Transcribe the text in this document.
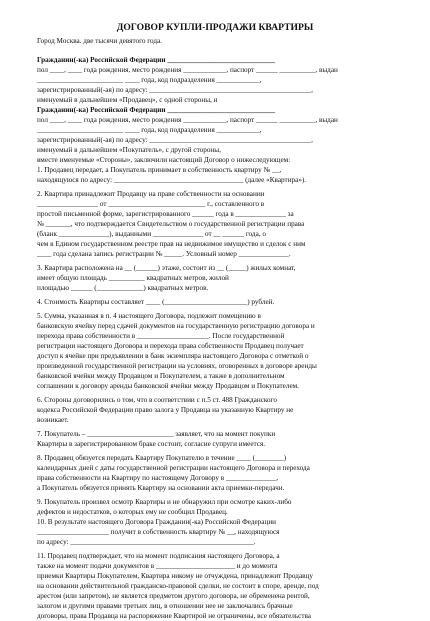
ДОГОВОР КУПЛИ-ПРОДАЖИ КВАРТИРЫ
Город Москва. две тысячи девятого года.
Гражданин(-ка) Российской Федерации ______________________________
пол ____, ____ года рождения, место рождения ____________, паспорт ______ __________, выдан
________________________ ____ года, код подразделения ____________,
зарегистрированный(-ая) по адресу: _____________________________________________,
именуемый в дальнейшем «Продавец», с одной стороны, и
Гражданин(-ка) Российской Федерации ______________________________
пол ____, ____ года рождения, место рождения ____________, паспорт ______ __________, выдан
________________________ ____ года, код подразделения ____________,
зарегистрированный(-ая) по адресу: _____________________________________________,
именуемый в дальнейшем «Покупатель», с другой стороны,
вместе именуемые «Стороны», заключили настоящий Договор о нижеследующем:
1. Продавец передает, а Покупатель принимает в собственность квартиру № __,
находящуюся по адресу: ____________________________________ (далее «Квартира»).
2. Квартира принадлежит Продавцу на праве собственности на основании
_________________ от ___________________________ г., составленного в
простой письменной форме, зарегистрированного ______ года в ______________ за
№ _______, что подтверждается Свидетельством о государственной регистрации права
(бланк ______________), выданными ______________ от __ ______ года, о
чем в Едином государственном реестре прав на недвижимое имущество и сделок с ним
____ года сделана запись регистрации № _____. Условный номер ______________.
3. Квартира расположена на __ (______) этаже, состоит из __ (_____) жилых комнат,
имеет общую площадь __________ квадратных метров, жилой
площадью ______ (_____________) квадратных метров.
4. Стоимость Квартиры составляет ____ (_______________________) рублей.
5. Сумма, указанная в п. 4 настоящего Договора, подлежит помещению в
банковскую ячейку перед сдачей документов на государственную регистрацию договора и
перехода права собственности в ____________________. После государственной
регистрации настоящего Договора и перехода права собственности Продавец получает
доступ к ячейке при предъявлении в банк экземпляра настоящего Договора с отметкой о
произведенной государственной регистрации на условиях, оговоренных в договоре аренды
банковской ячейки между Продавцом и Покупателем, а также в дополнительном
соглашении к договору аренды банковской ячейки между Продавцом и Покупателем.
6. Стороны договорились о том, что в соответствии с п.5 ст. 488 Гражданского
кодекса Российской Федерации право залога у Продавца на указанную Квартиру не
возникает.
7. Покупатель – ________________________ заявляет, что на момент покупки
Квартиры в зарегистрированном браке состоит, согласие супруги имеется.
8. Продавец обязуется передать Квартиру Покупателю в течение ____ (________)
календарных дней с даты государственной регистрации настоящего Договора и перехода
права собственности на Квартиру по настоящему Договору в ______________,
а Покупатель обязуется принять Квартиру на основании акта приемки-передачи.
9. Покупатель произвел осмотр Квартиры и не обнаружил при осмотре каких-либо
дефектов и недостатков, о которых ему не сообщил Продавец.
10. В результате настоящего Договора Гражданин(-ка) Российской Федерации
____________________ получит в собственность квартиру № __, находящуюся
по адресу: ___________________________________________________.
11. Продавец подтверждает, что на момент подписания настоящего Договора, а
также на момент подачи документов в ______________________ и до момента
приемки Квартиры Покупателем, Квартира никому не отчуждена, принадлежит Продавцу
на основании действительной гражданско-правовой сделки, не состоит в споре, аренде, под
арестом (или запретом), не является предметом другого договора, не обременена рентой,
залогом и другими правами третьих лиц, в отношении нее не заключались брачные
договоры, права Продавца на распоряжение Квартирой не ограничены, все обязательства
